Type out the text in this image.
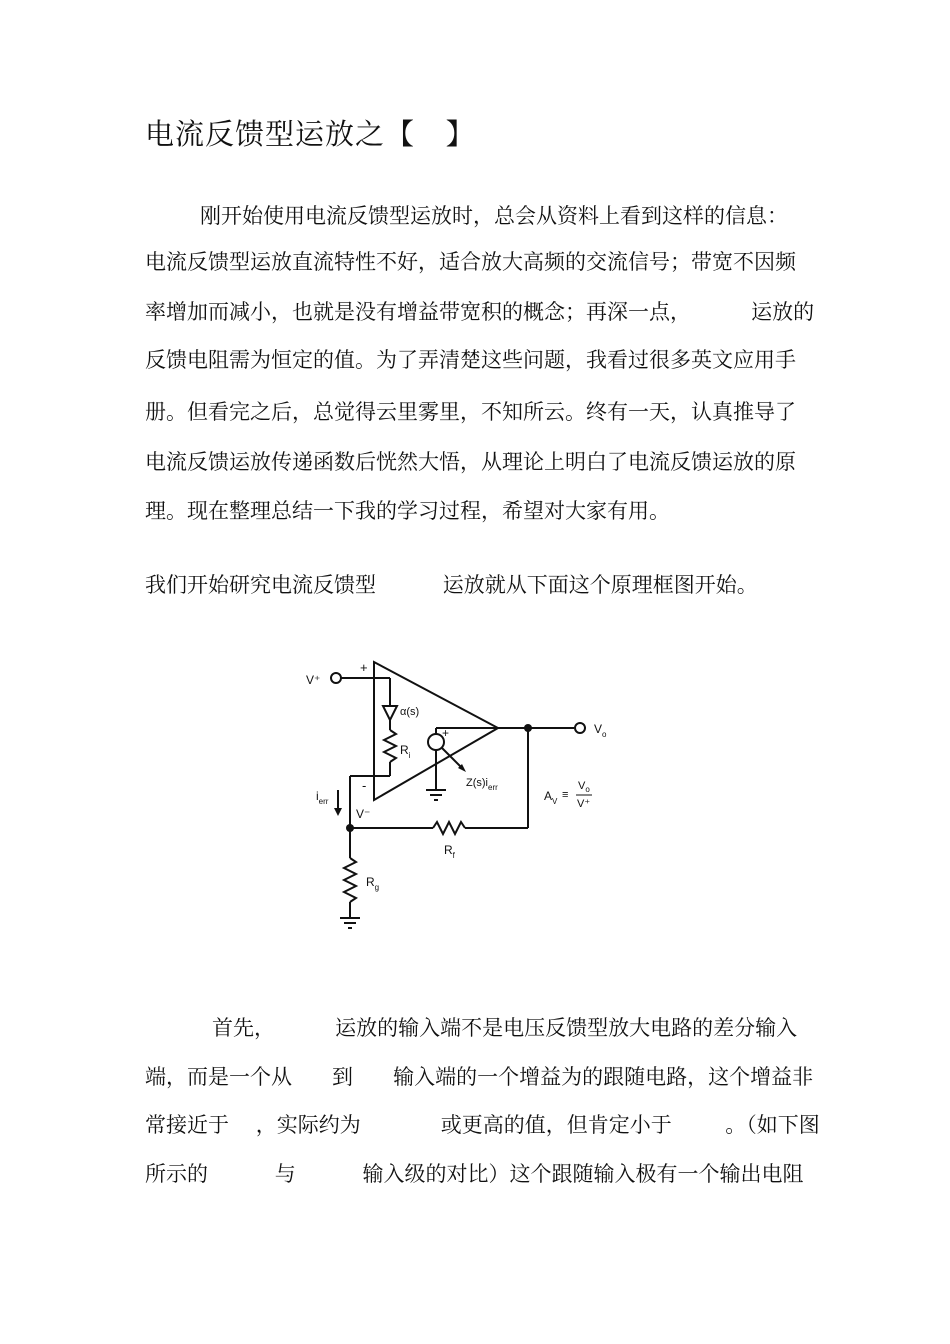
电流反馈型运放之【   】
刚开始使用电流反馈型运放时，总会从资料上看到这样的信息：
电流反馈型运放直流特性不好，适合放大高频的交流信号；带宽不因频
率增加而减小，也就是没有增益带宽积的概念；再深一点，         运放的
反馈电阻需为恒定的值。为了弄清楚这些问题，我看过很多英文应用手
册。但看完之后，总觉得云里雾里，不知所云。终有一天，认真推导了
电流反馈运放传递函数后恍然大悟，从理论上明白了电流反馈运放的原
理。现在整理总结一下我的学习过程，希望对大家有用。
我们开始研究电流反馈型          运放就从下面这个原理框图开始。
V⁺
+
-
α(s)
$R_i$
+
$Z(s)i_{err}$
$V_o$
$A_V$
≡
$V_o$
V⁺
$i_{err}$
V⁻
$R_f$
$R_g$
首先，         运放的输入端不是电压反馈型放大电路的差分输入
端，而是一个从      到      输入端的一个增益为的跟随电路，这个增益非
常接近于    ，实际约为            或更高的值，但肯定小于        。（如下图
所示的          与          输入级的对比）这个跟随输入极有一个输出电阻
